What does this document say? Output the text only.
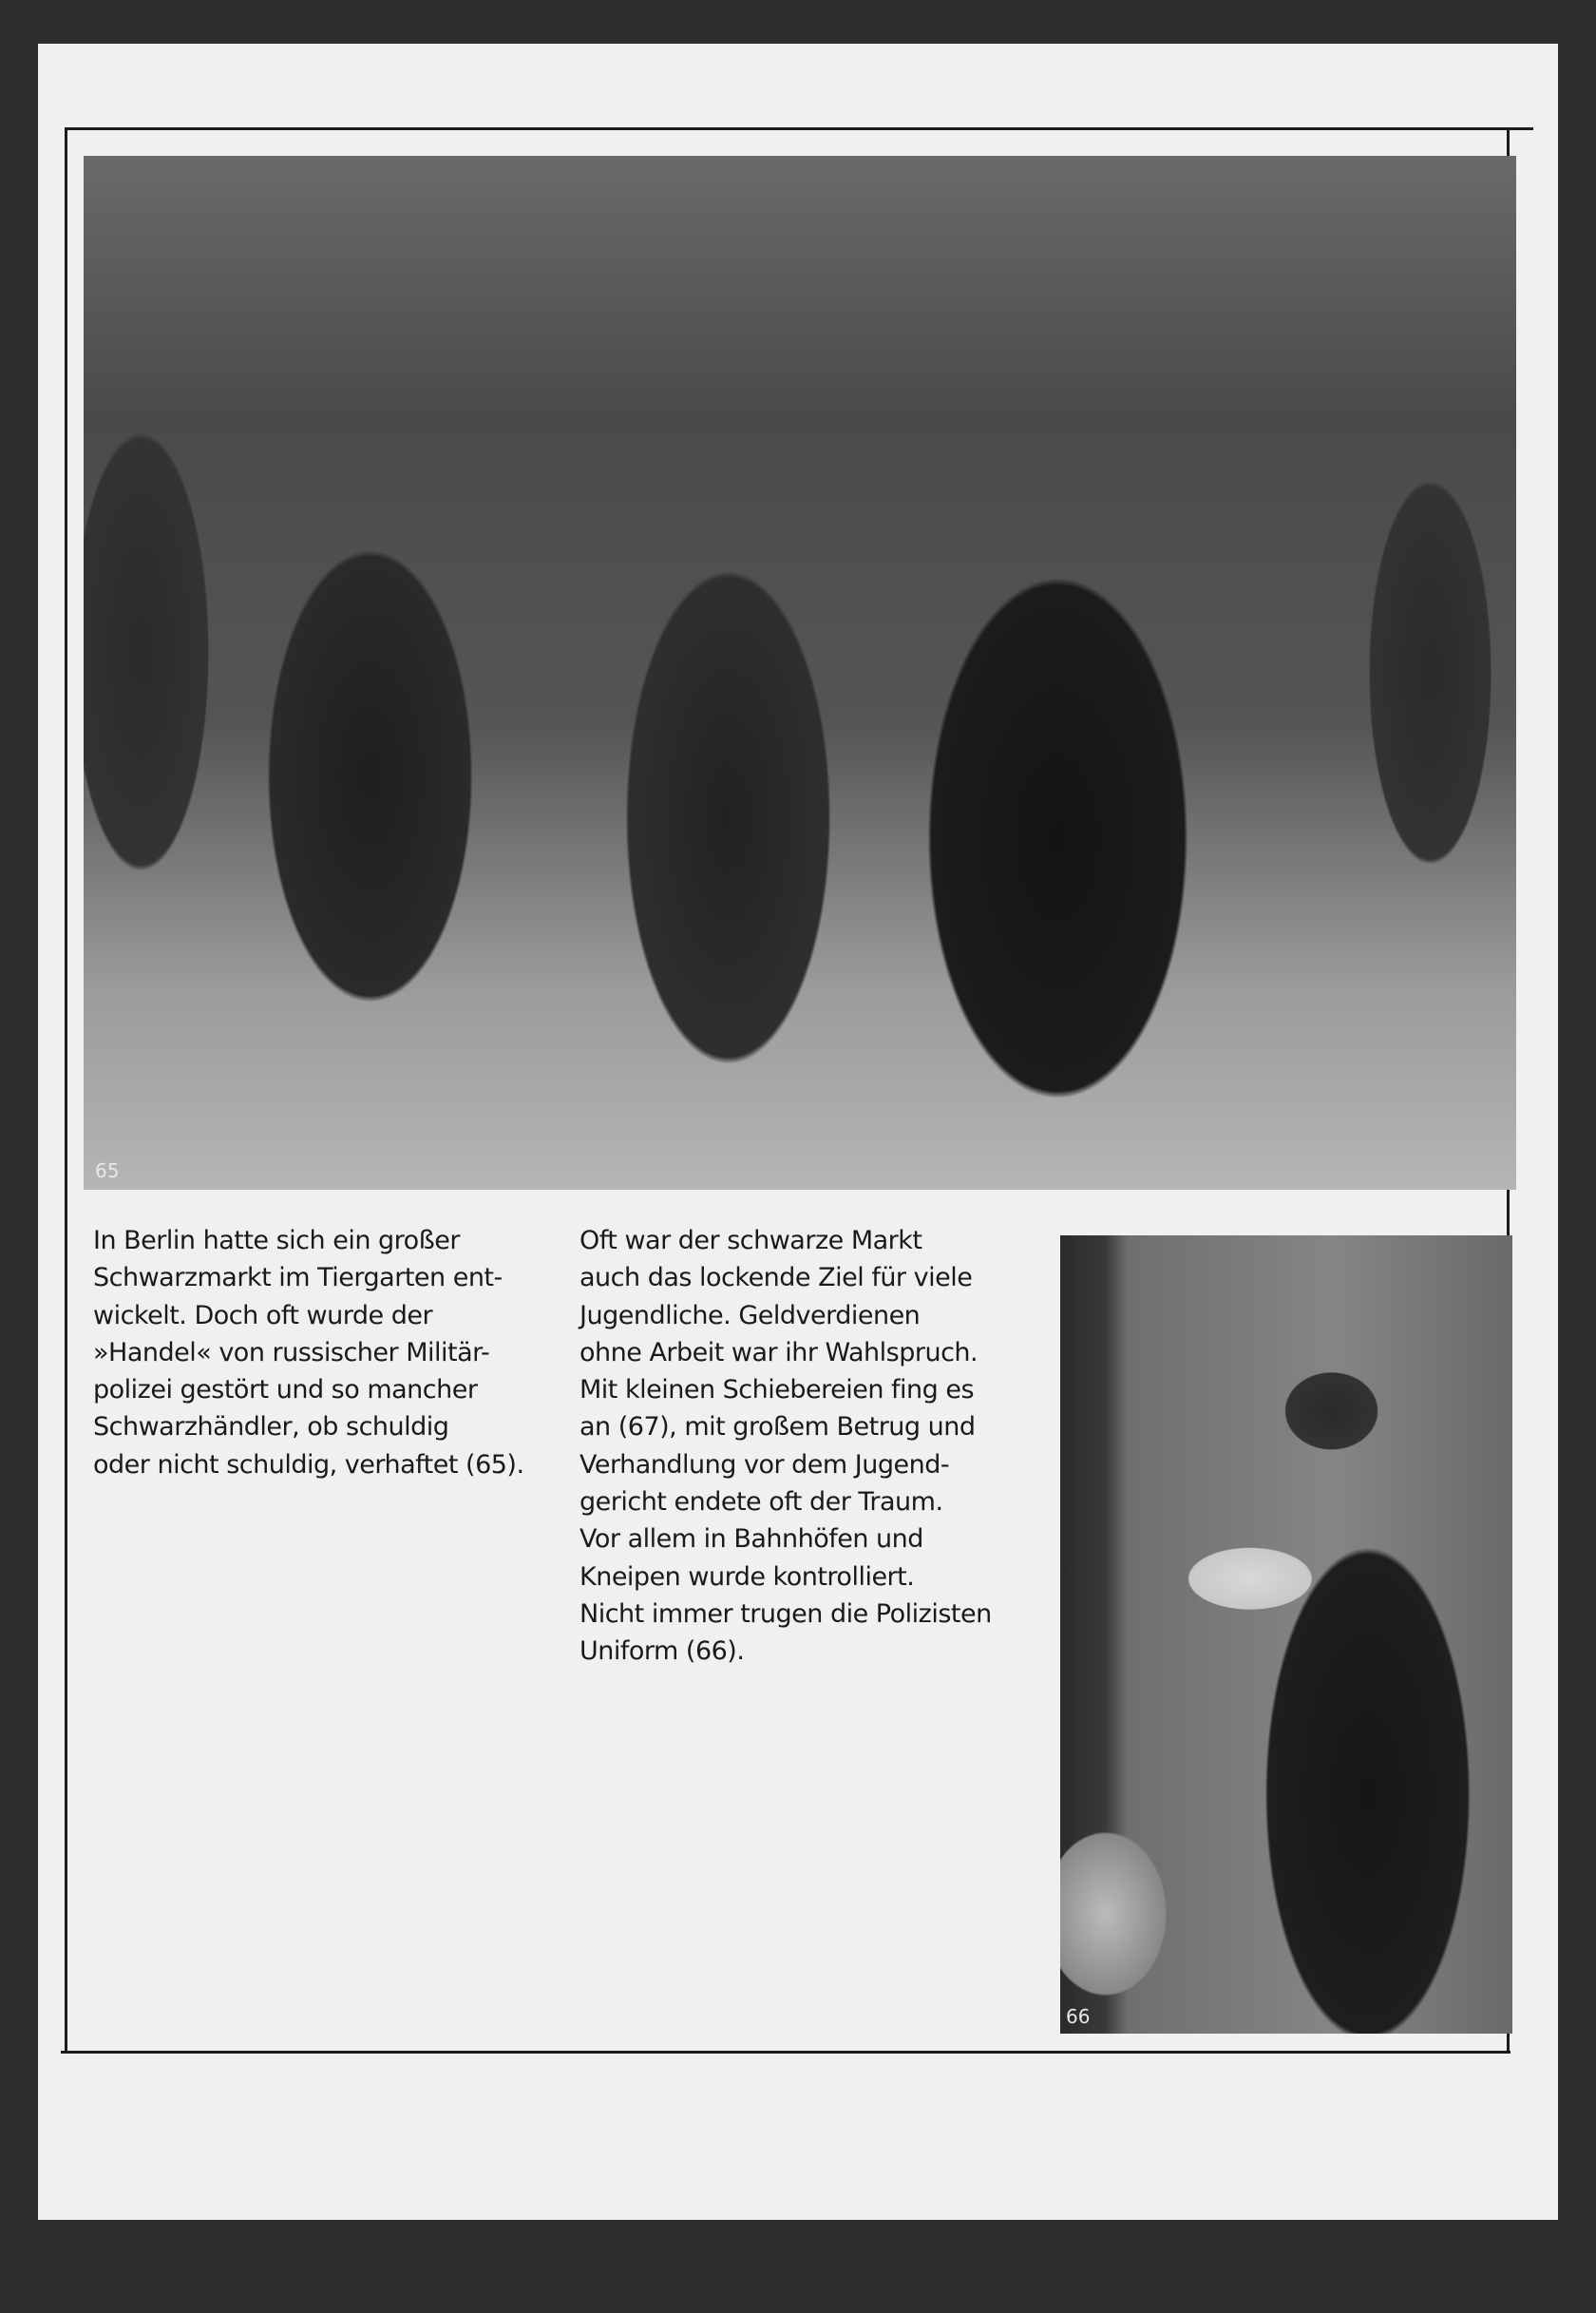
65

In Berlin hatte sich ein großer
Schwarzmarkt im Tiergarten ent-
wickelt. Doch oft wurde der
»Handel« von russischer Militär-
polizei gestört und so mancher
Schwarzhändler, ob schuldig
oder nicht schuldig, verhaftet (65).

Oft war der schwarze Markt
auch das lockende Ziel für viele
Jugendliche. Geldverdienen
ohne Arbeit war ihr Wahlspruch.
Mit kleinen Schiebereien fing es
an (67), mit großem Betrug und
Verhandlung vor dem Jugend-
gericht endete oft der Traum.
Vor allem in Bahnhöfen und
Kneipen wurde kontrolliert.
Nicht immer trugen die Polizisten
Uniform (66).

66
